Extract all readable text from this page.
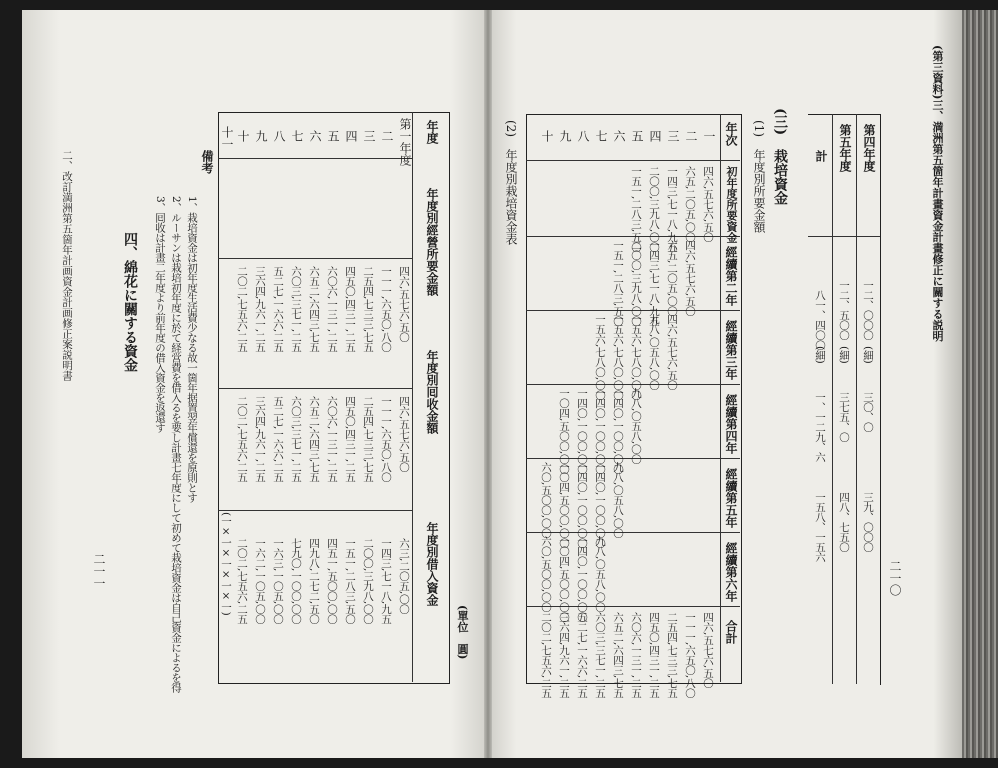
二、改訂満洲第五箇年計画資金計画修正案説明書
二一一
四、綿花に關する資金 3、囘收は計畫二年度より前年度の借入資金を返還す 2、ルーサンは栽培初年度に於て経営費を借入るを要し計畫七年度にして初めて栽培資金は自己資金によるを得 1、栽培資金は初年度生活費少なる故一箇年据置翌年償還を原則とす
備考
(單位　圓)
年度
年度別經營所要金額
年度別囘收金額
年度別借入資金
第一年度
二
三
四
五
六
七
八
九
十
十一
四六,五七六,五〇
一一一,六五〇,八〇
二五四,七三三,七五
四五〇,四三一,二五
六〇六,一三一,二五
六五二,六四三,七五
六〇三,三七一,二五
五二七,一六六,二五
三六四,九六一,二五
二〇二,七五六,二五
四六,五七六,五〇
一一一,六五〇,八〇
二五四,七三三,七五
四五〇,四三一,二五
六〇六,一三一,二五
六五二,六四三,七五
六〇三,三七一,二五
五二七,一六六,二五
三六四,九六一,二五
二〇二,七五六,二五
(一×一×一×一×一)	六三,二〇五,〇〇
一四三,七一八,九五
二〇〇,三九八,〇〇
一五一,二八三,五〇
四五一,五〇〇,〇〇
四九八,二七二,五〇
七九〇,一〇〇,〇〇
一六三,一〇五,〇〇
一六二,一〇五,〇〇
二〇二,七五六,二五
(第三資料)三、満洲第五箇年計畫資金計畫修正に關する説明
二一〇
第四年度
第五年度
計
一二、〇〇〇
(細)
三〇、〇
三九、〇〇〇
一二、五〇〇
(細)
三七五、〇
四八、七五〇
八一、四〇〇
(細)
一、一二九、六
一五八、一五六
(三)　栽培資金
(1)　年度別所要金額
(2)　年度別栽培資金表	年次
初年度所要資金
經續第二年
經續第三年
經續第四年
經續第五年
經續第六年
合計
一
四六,五七六,五〇
四六,五七六,五〇
二
六五,二〇五,〇〇
四六,五七六,五〇
一一一,六五〇,八〇
三
一四三,七一八,九五
六五,二〇五,〇〇
四六,五七六,五〇
二五四,七三三,七五
四
二〇〇,三九八,〇〇
一四三,七一八,九五
九八,〇五八,〇〇
四五〇,四三一,二五
五
一五一,二八三,五〇
二〇〇,三九八,〇〇
一五六,七八〇,〇〇
九八,〇五八,〇〇
六〇六,一三一,二五
六
一五一,二八三,五〇
一五六,七八〇,〇〇
一四〇,一〇〇,〇〇
九八,〇五八,〇〇
六五二,六四三,七五
七
一五六,七八〇,〇〇
一四〇,一〇〇,〇〇
一四〇,一〇〇,〇〇
九八,〇五八,〇〇
六〇三,三七一,二五
八
一四〇,一〇〇,〇〇
一四〇,一〇〇,〇〇
一四〇,一〇〇,〇〇
五二七,一六六,二五
九
一〇四,五〇〇,〇〇
一〇四,五〇〇,〇〇
一〇四,五〇〇,〇〇
三六四,九六一,二五
十
六〇,五〇〇,〇〇
六〇,五〇〇,〇〇
二〇二,七五六,二五
